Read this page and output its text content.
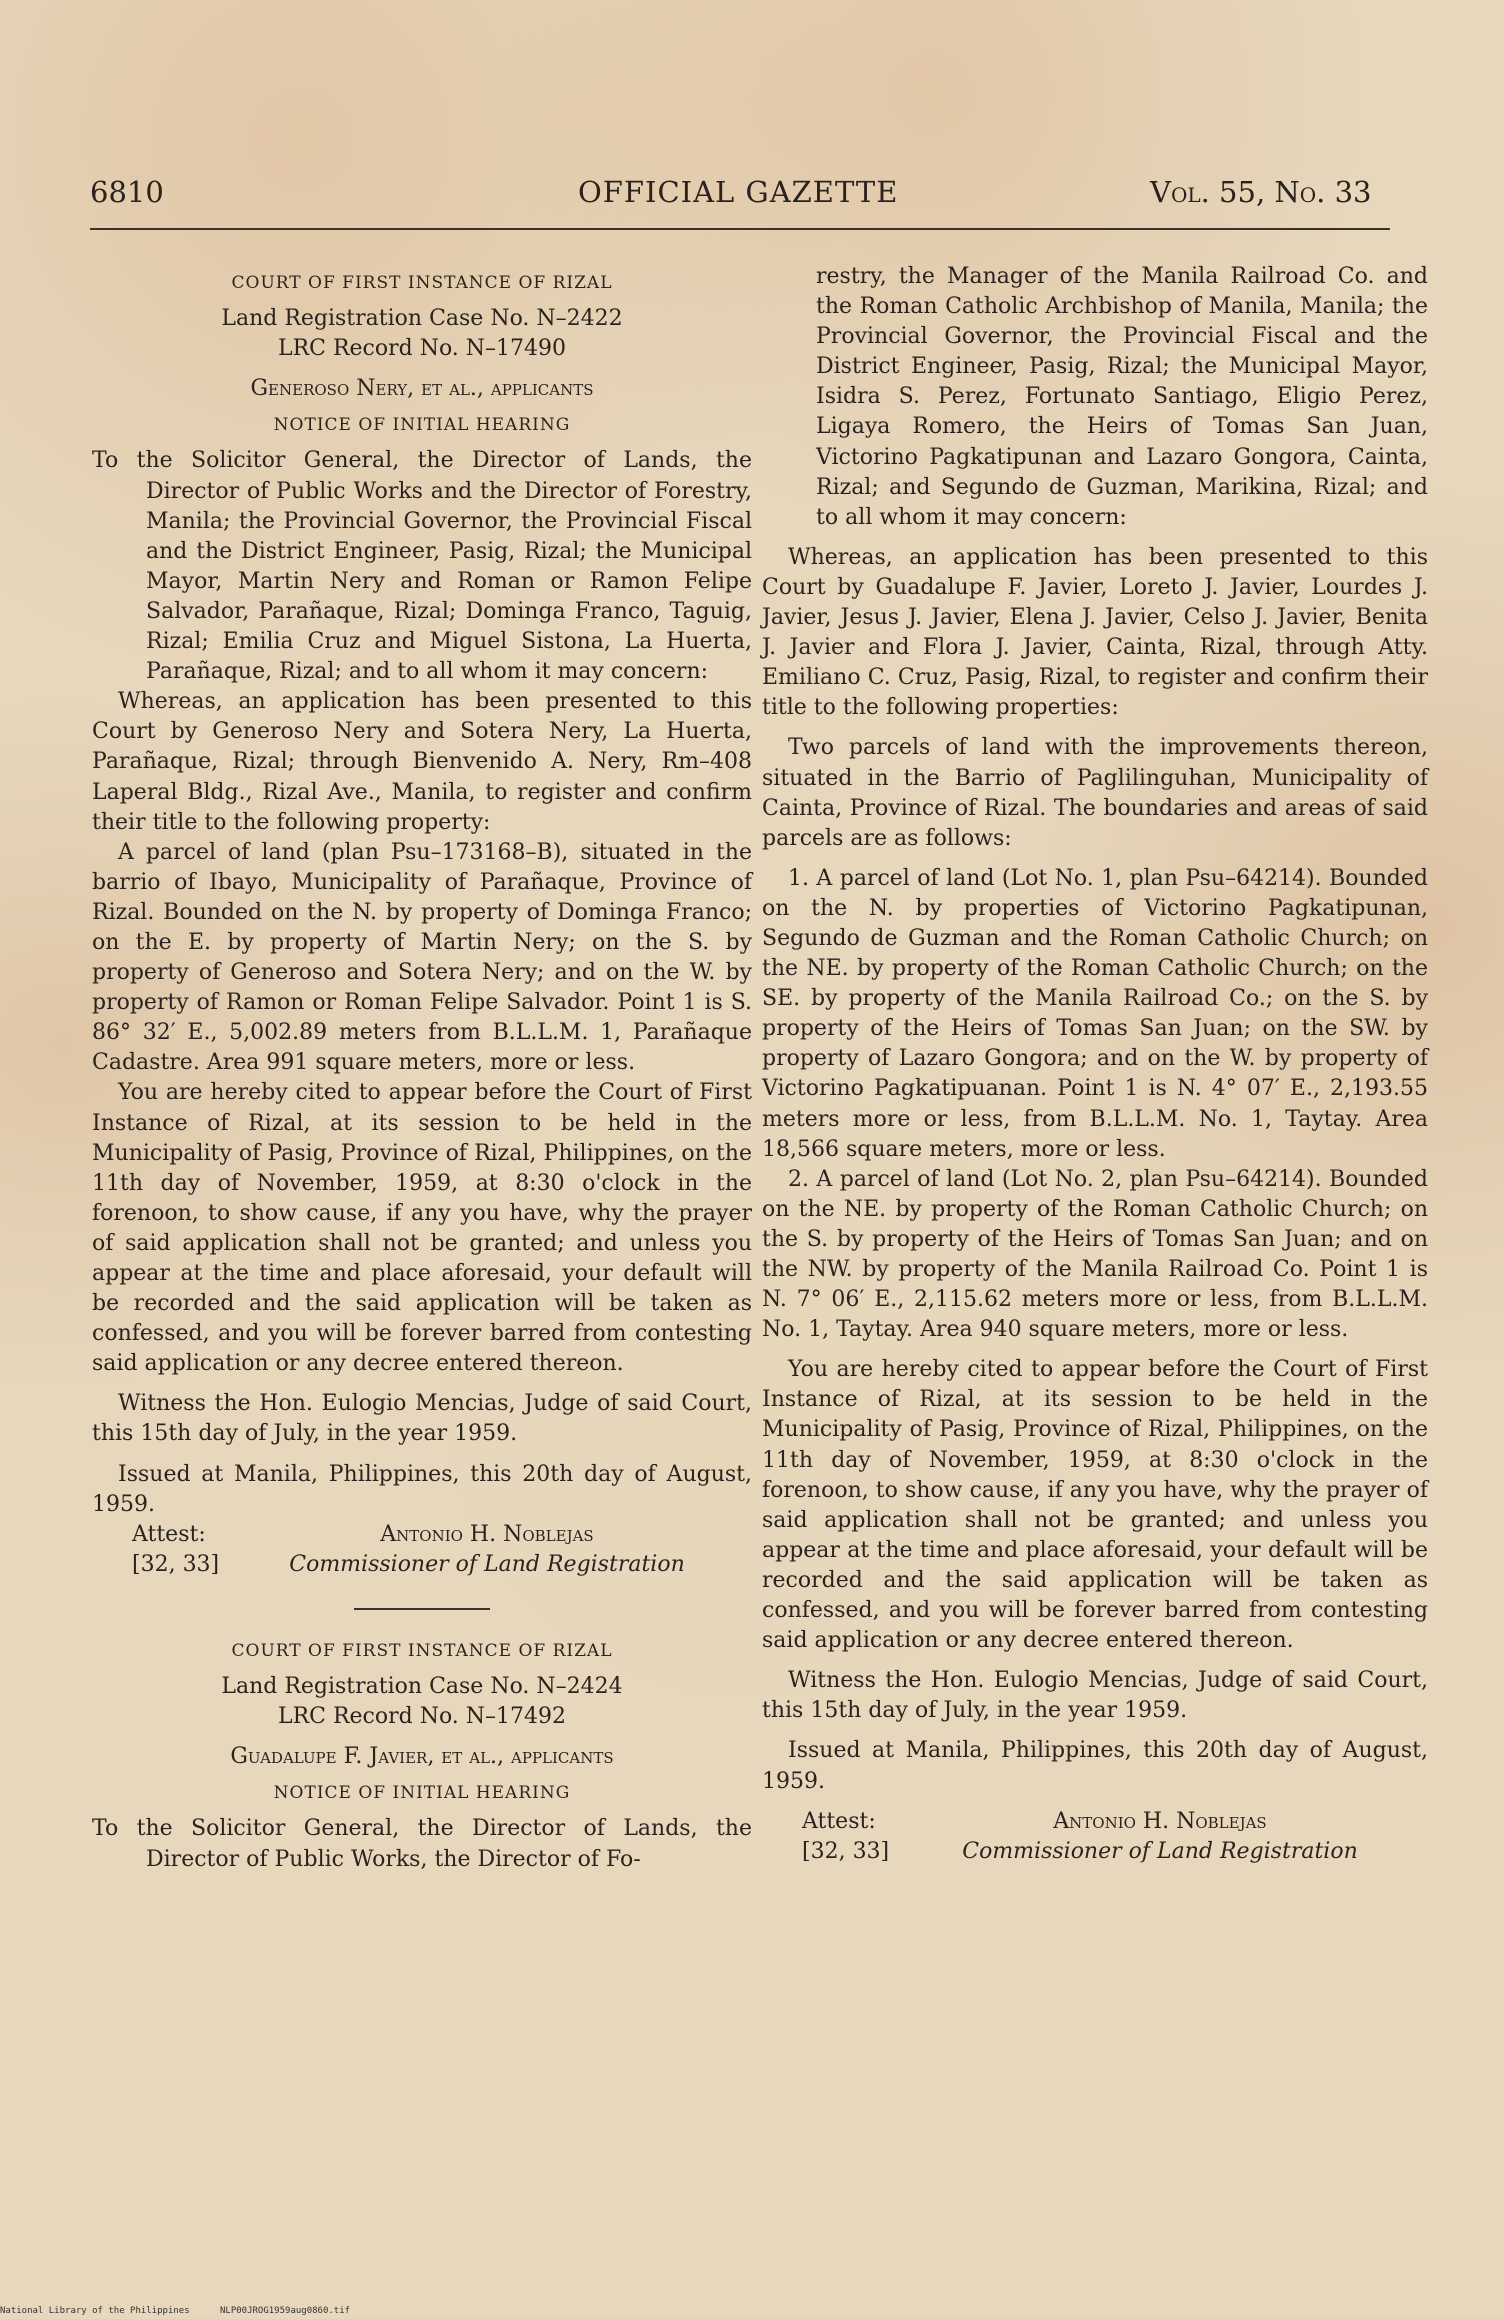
6810	OFFICIAL GAZETTE	Vol. 55, No. 33

COURT OF FIRST INSTANCE OF RIZAL

Land Registration Case No. N–2422

LRC Record No. N–17490

Generoso Nery, et al., applicants

NOTICE OF INITIAL HEARING

To the Solicitor General, the Director of Lands, the Director of Public Works and the Director of Forestry, Manila; the Provincial Governor, the Provincial Fiscal and the District Engineer, Pasig, Rizal; the Municipal Mayor, Martin Nery and Roman or Ramon Felipe Salvador, Parañaque, Rizal; Dominga Franco, Taguig, Rizal; Emilia Cruz and Miguel Sistona, La Huerta, Parañaque, Rizal; and to all whom it may concern:

Whereas, an application has been presented to this Court by Generoso Nery and Sotera Nery, La Huerta, Parañaque, Rizal; through Bienvenido A. Nery, Rm–408 Laperal Bldg., Rizal Ave., Manila, to register and confirm their title to the following property:

A parcel of land (plan Psu–173168–B), situated in the barrio of Ibayo, Municipality of Parañaque, Province of Rizal. Bounded on the N. by property of Dominga Franco; on the E. by property of Martin Nery; on the S. by property of Generoso and Sotera Nery; and on the W. by property of Ramon or Roman Felipe Salvador. Point 1 is S. 86° 32′ E., 5,002.89 meters from B.L.L.M. 1, Parañaque Cadastre. Area 991 square meters, more or less.

You are hereby cited to appear before the Court of First Instance of Rizal, at its session to be held in the Municipality of Pasig, Province of Rizal, Philippines, on the 11th day of November, 1959, at 8:30 o'clock in the forenoon, to show cause, if any you have, why the prayer of said application shall not be granted; and unless you appear at the time and place aforesaid, your default will be recorded and the said application will be taken as confessed, and you will be forever barred from contesting said application or any decree entered thereon.

Witness the Hon. Eulogio Mencias, Judge of said Court, this 15th day of July, in the year 1959.

Issued at Manila, Philippines, this 20th day of August, 1959.

Attest:
[32, 33]
Antonio H. Noblejas
Commissioner of Land Registration

COURT OF FIRST INSTANCE OF RIZAL

Land Registration Case No. N–2424

LRC Record No. N–17492

Guadalupe F. Javier, et al., applicants

NOTICE OF INITIAL HEARING

To the Solicitor General, the Director of Lands, the Director of Public Works, the Director of Fo-

restry, the Manager of the Manila Railroad Co. and the Roman Catholic Archbishop of Manila, Manila; the Provincial Governor, the Provincial Fiscal and the District Engineer, Pasig, Rizal; the Municipal Mayor, Isidra S. Perez, Fortunato Santiago, Eligio Perez, Ligaya Romero, the Heirs of Tomas San Juan, Victorino Pagkatipunan and Lazaro Gongora, Cainta, Rizal; and Segundo de Guzman, Marikina, Rizal; and to all whom it may concern:

Whereas, an application has been presented to this Court by Guadalupe F. Javier, Loreto J. Javier, Lourdes J. Javier, Jesus J. Javier, Elena J. Javier, Celso J. Javier, Benita J. Javier and Flora J. Javier, Cainta, Rizal, through Atty. Emiliano C. Cruz, Pasig, Rizal, to register and confirm their title to the following properties:

Two parcels of land with the improvements thereon, situated in the Barrio of Paglilinguhan, Municipality of Cainta, Province of Rizal. The boundaries and areas of said parcels are as follows:

1. A parcel of land (Lot No. 1, plan Psu–64214). Bounded on the N. by properties of Victorino Pagkatipunan, Segundo de Guzman and the Roman Catholic Church; on the NE. by property of the Roman Catholic Church; on the SE. by property of the Manila Railroad Co.; on the S. by property of the Heirs of Tomas San Juan; on the SW. by property of Lazaro Gongora; and on the W. by property of Victorino Pagkatipuanan. Point 1 is N. 4° 07′ E., 2,193.55 meters more or less, from B.L.L.M. No. 1, Taytay. Area 18,566 square meters, more or less.

2. A parcel of land (Lot No. 2, plan Psu–64214). Bounded on the NE. by property of the Roman Catholic Church; on the S. by property of the Heirs of Tomas San Juan; and on the NW. by property of the Manila Railroad Co. Point 1 is N. 7° 06′ E., 2,115.62 meters more or less, from B.L.L.M. No. 1, Taytay. Area 940 square meters, more or less.

You are hereby cited to appear before the Court of First Instance of Rizal, at its session to be held in the Municipality of Pasig, Province of Rizal, Philippines, on the 11th day of November, 1959, at 8:30 o'clock in the forenoon, to show cause, if any you have, why the prayer of said application shall not be granted; and unless you appear at the time and place aforesaid, your default will be recorded and the said application will be taken as confessed, and you will be forever barred from contesting said application or any decree entered thereon.

Witness the Hon. Eulogio Mencias, Judge of said Court, this 15th day of July, in the year 1959.

Issued at Manila, Philippines, this 20th day of August, 1959.

Attest:
[32, 33]
Antonio H. Noblejas
Commissioner of Land Registration
National Library of the Philippines	NLP00JROG1959aug0860.tif
